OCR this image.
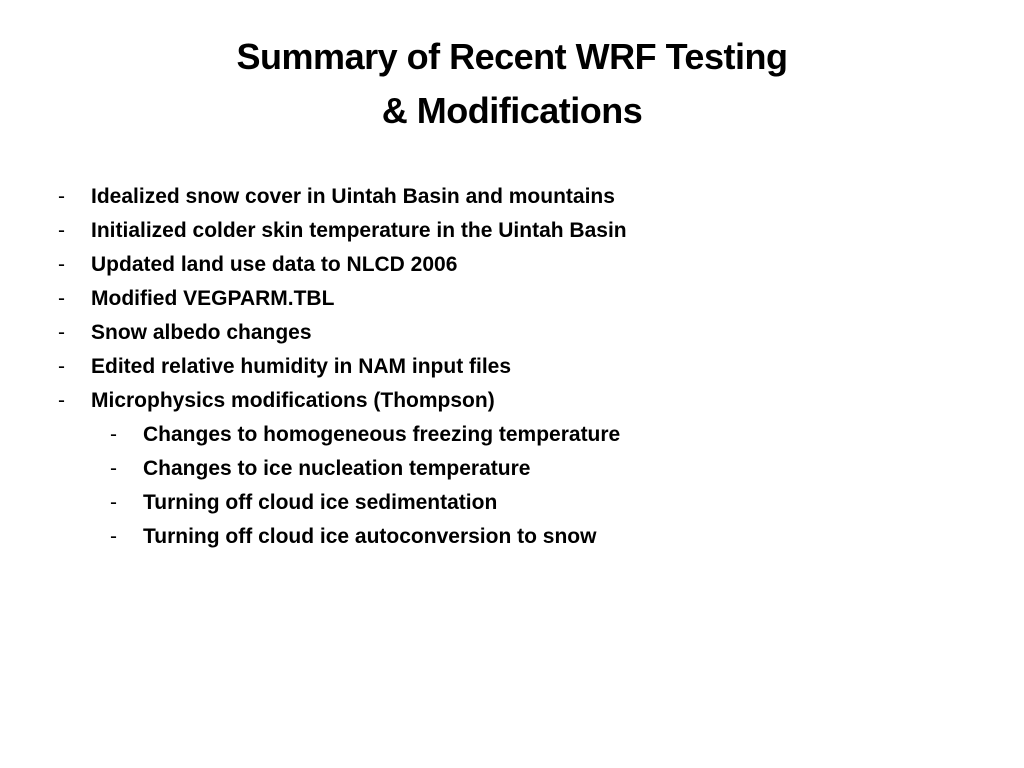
Summary of Recent WRF Testing
& Modifications
-	Idealized snow cover in Uintah Basin and mountains
-	Initialized colder skin temperature in the Uintah Basin
-	Updated land use data to NLCD 2006
-	Modified VEGPARM.TBL
-	Snow albedo changes
-	Edited relative humidity in NAM input files
-	Microphysics modifications (Thompson)
-	Changes to homogeneous freezing temperature
-	Changes to ice nucleation temperature
-	Turning off cloud ice sedimentation
-	Turning off cloud ice autoconversion to snow
